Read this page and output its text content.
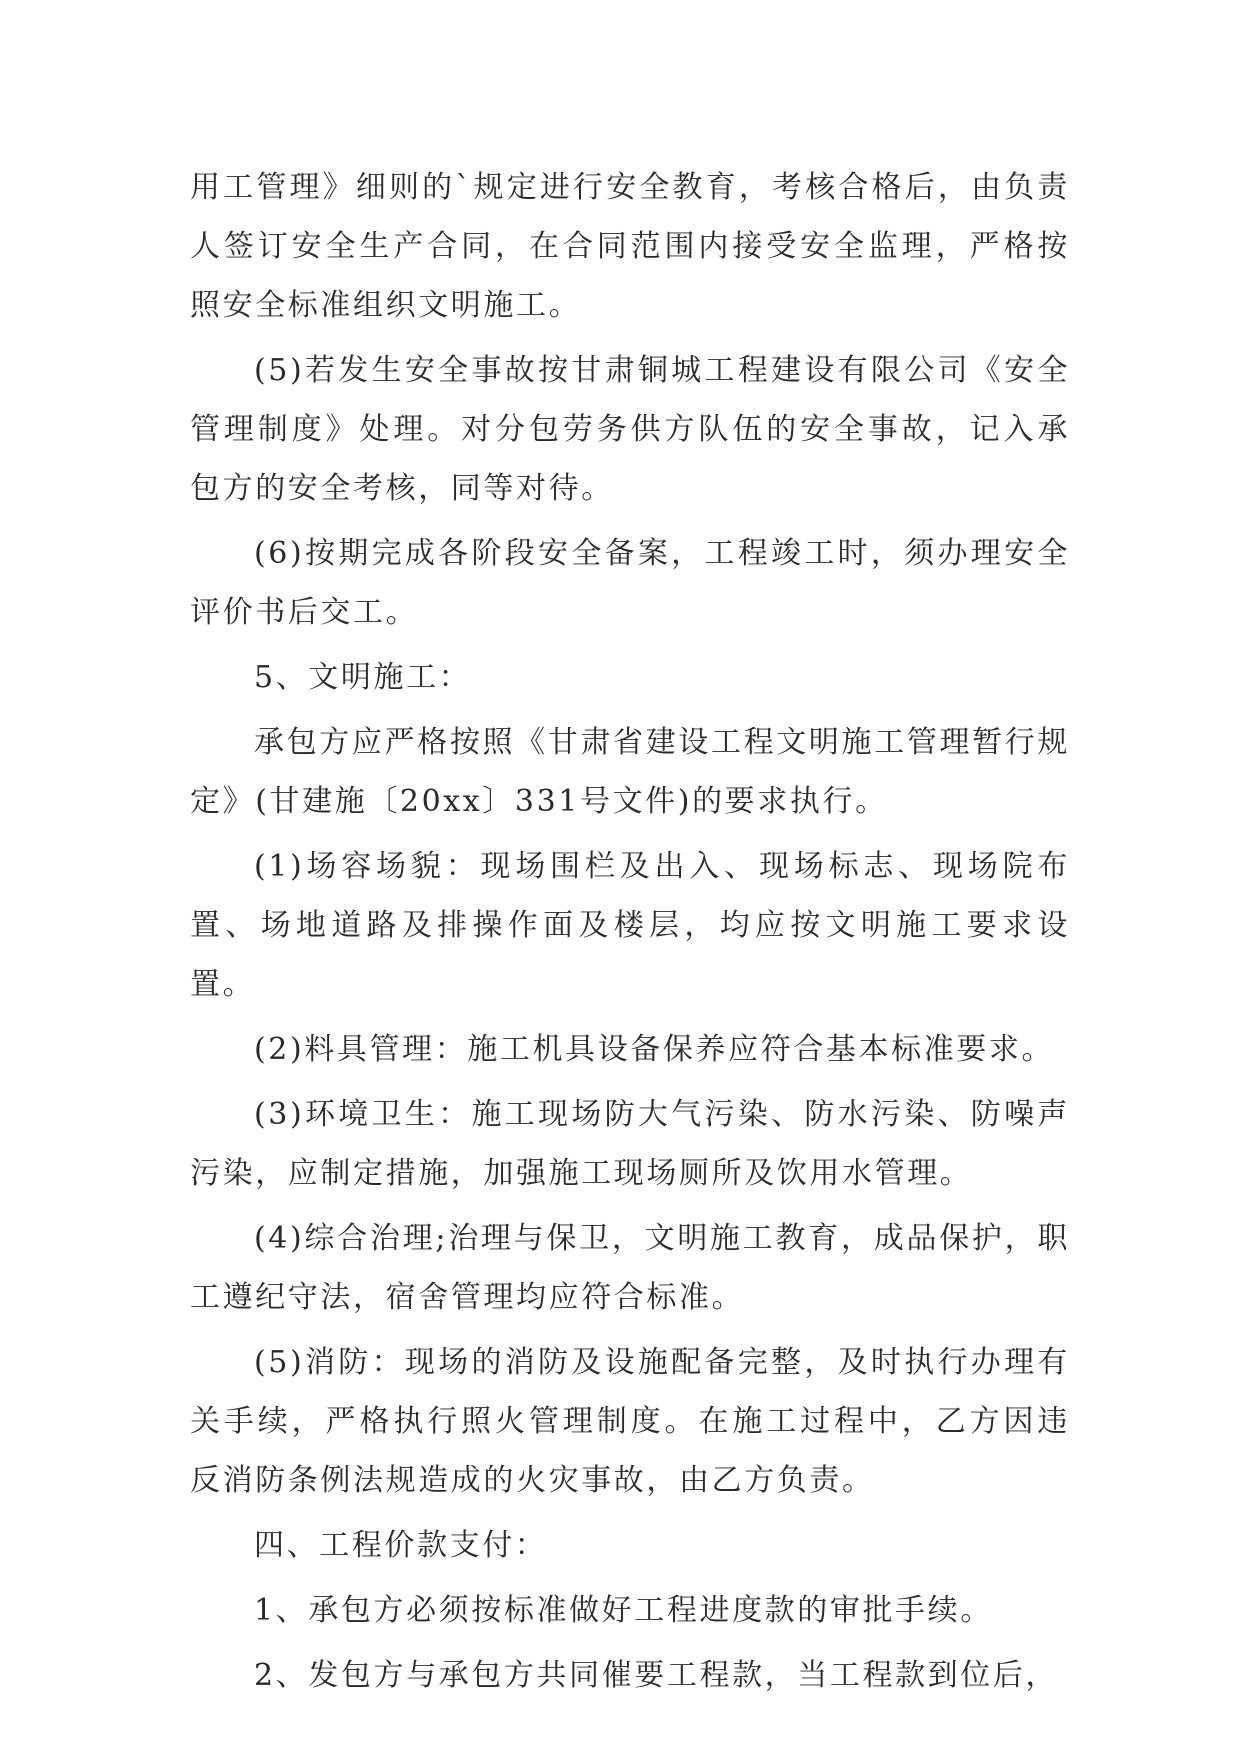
用工管理》细则的`规定进行安全教育，考核合格后，由负责人签订安全生产合同，在合同范围内接受安全监理，严格按照安全标准组织文明施工。

(5)若发生安全事故按甘肃铜城工程建设有限公司《安全管理制度》处理。对分包劳务供方队伍的安全事故，记入承包方的安全考核，同等对待。

(6)按期完成各阶段安全备案，工程竣工时，须办理安全评价书后交工。

5、文明施工：

承包方应严格按照《甘肃省建设工程文明施工管理暂行规定》(甘建施〔20xx〕331号文件)的要求执行。

(1)场容场貌：现场围栏及出入、现场标志、现场院布置、场地道路及排操作面及楼层，均应按文明施工要求设置。

(2)料具管理：施工机具设备保养应符合基本标准要求。

(3)环境卫生：施工现场防大气污染、防水污染、防噪声污染，应制定措施，加强施工现场厕所及饮用水管理。

(4)综合治理;治理与保卫，文明施工教育，成品保护，职工遵纪守法，宿舍管理均应符合标准。

(5)消防：现场的消防及设施配备完整，及时执行办理有关手续，严格执行照火管理制度。在施工过程中，乙方因违反消防条例法规造成的火灾事故，由乙方负责。

四、工程价款支付：

1、承包方必须按标准做好工程进度款的审批手续。

2、发包方与承包方共同催要工程款，当工程款到位后，
